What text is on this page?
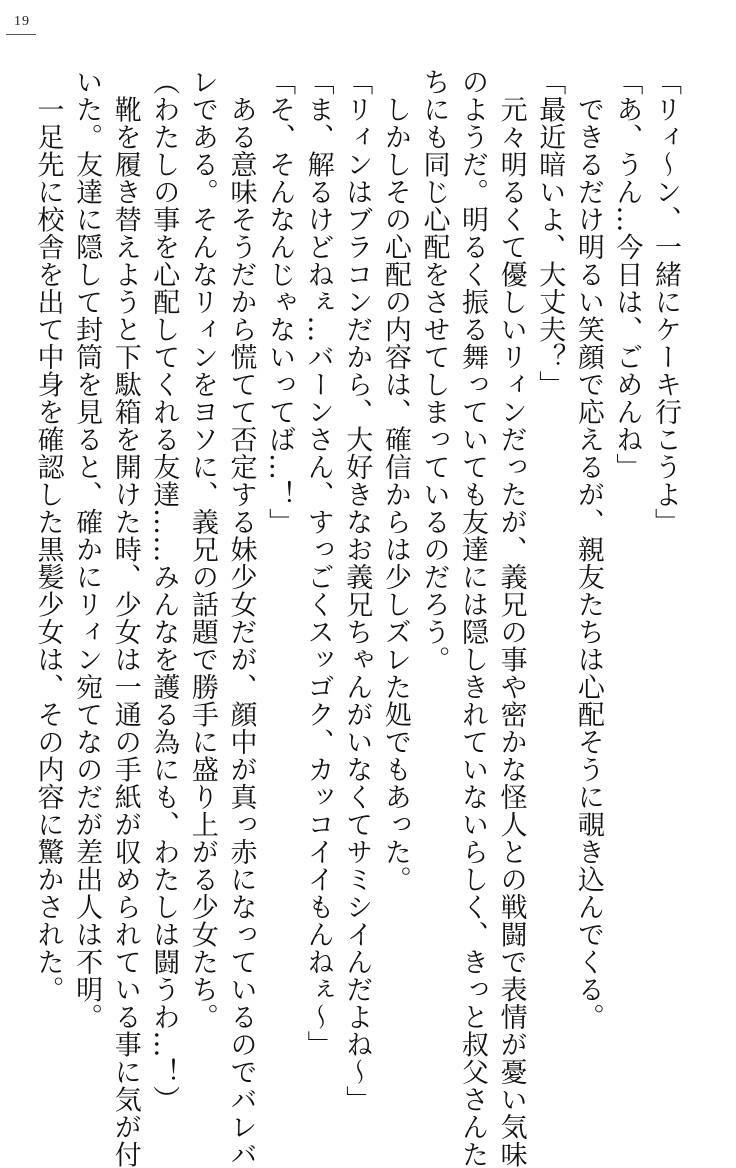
19
「リィ～ン、一緒にケーキ行こうよ」
「あ、うん…今日は、ごめんね」
　できるだけ明るい笑顔で応えるが、親友たちは心配そうに覗き込んでくる。
「最近暗いよ、大丈夫？」
　元々明るくて優しいリィンだったが、義兄の事や密かな怪人との戦闘で表情が憂い気味
のようだ。明るく振る舞っていても友達には隠しきれていないらしく、きっと叔父さんた
ちにも同じ心配をさせてしまっているのだろう。
　しかしその心配の内容は、確信からは少しズレた処でもあった。
「リィンはブラコンだから、大好きなお義兄ちゃんがいなくてサミシイんだよね～」
「ま、解るけどねぇ…バーンさん、すっごくスッゴク、カッコイイもんねぇ～」
「そ、そんなんじゃないってば…！」
　ある意味そうだから慌てて否定する妹少女だが、顔中が真っ赤になっているのでバレバ
レである。そんなリィンをヨソに、義兄の話題で勝手に盛り上がる少女たち。
（わたしの事を心配してくれる友達……みんなを護る為にも、わたしは闘うわ…！）
　靴を履き替えようと下駄箱を開けた時、少女は一通の手紙が収められている事に気が付
いた。友達に隠して封筒を見ると、確かにリィン宛てなのだが差出人は不明。
　一足先に校舎を出て中身を確認した黒髪少女は、その内容に驚かされた。
